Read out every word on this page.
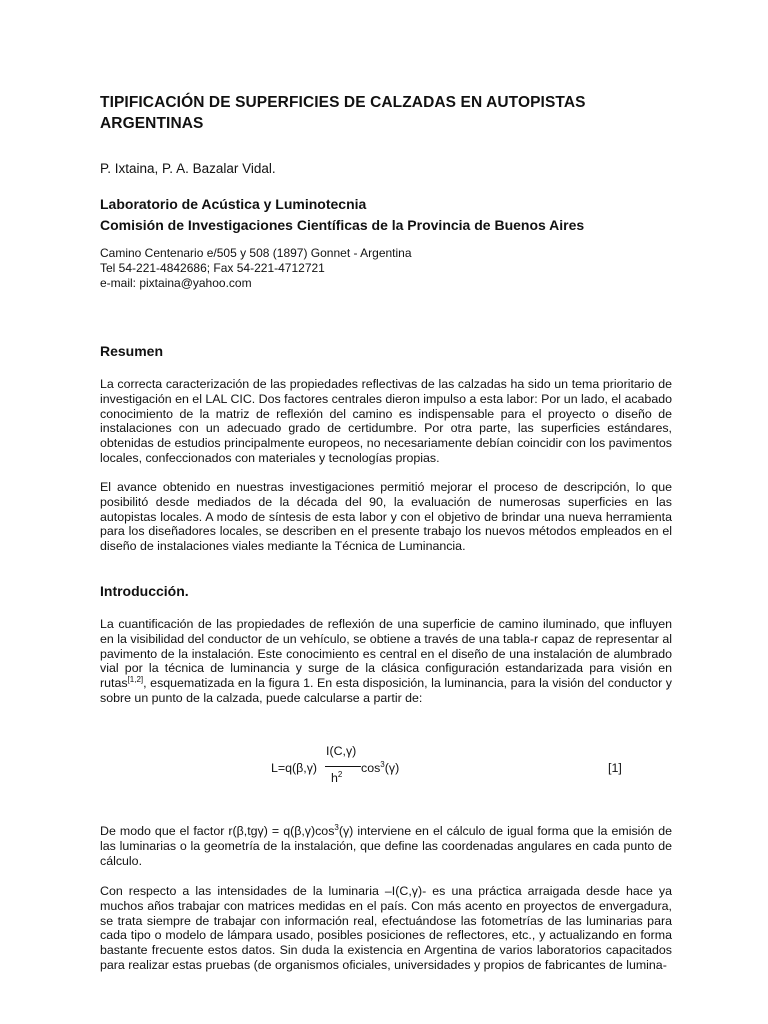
TIPIFICACIÓN DE SUPERFICIES DE CALZADAS EN AUTOPISTAS
ARGENTINAS
P. Ixtaina, P. A. Bazalar Vidal.
Laboratorio de Acústica y Luminotecnia
Comisión de Investigaciones Científicas de la Provincia de Buenos Aires
Camino Centenario e/505 y 508 (1897) Gonnet - Argentina
Tel 54-221-4842686; Fax 54-221-4712721
e-mail: pixtaina@yahoo.com
Resumen

La correcta caracterización de las propiedades reflectivas de las calzadas ha sido un tema prioritario de investigación en el LAL CIC. Dos factores centrales dieron impulso a esta labor: Por un lado, el acabado conocimiento de la matriz de reflexión del camino es indispensable para el proyecto o diseño de instalaciones con un adecuado grado de certidumbre. Por otra parte, las superficies estándares, obtenidas de estudios principalmente europeos, no necesariamente debían coincidir con los pavimentos locales, confeccionados con materiales y tecnologías propias.

El avance obtenido en nuestras investigaciones permitió mejorar el proceso de descripción, lo que posibilitó desde mediados de la década del 90, la evaluación de numerosas superficies en las autopistas locales. A modo de síntesis de esta labor y con el objetivo de brindar una nueva herramienta para los diseñadores locales, se describen en el presente trabajo los nuevos métodos empleados en el diseño de instalaciones viales mediante la Técnica de Luminancia.

Introducción.

La cuantificación de las propiedades de reflexión de una superficie de camino iluminado, que influyen en la visibilidad del conductor de un vehículo, se obtiene a través de una tabla-r capaz de representar al pavimento de la instalación. Este conocimiento es central en el diseño de una instalación de alumbrado vial por la técnica de luminancia y surge de la clásica configuración estandarizada para visión en rutas[1,2], esquematizada en la figura 1. En esta disposición, la luminancia, para la visión del conductor y sobre un punto de la calzada, puede calcularse a partir de:

I(C,γ)
L=q(β,γ)	$\cos^3(\gamma)$
$h^2$	[1]

De modo que el factor $r(\beta,tg\gamma) = q(\beta,\gamma)\cos^3(\gamma)$ interviene en el cálculo de igual forma que la emisión de las luminarias o la geometría de la instalación, que define las coordenadas angulares en cada punto de cálculo.

Con respecto a las intensidades de la luminaria –I(C,γ)- es una práctica arraigada desde hace ya muchos años trabajar con matrices medidas en el país. Con más acento en proyectos de envergadura, se trata siempre de trabajar con información real, efectuándose las fotometrías de las luminarias para cada tipo o modelo de lámpara usado, posibles posiciones de reflectores, etc., y actualizando en forma bastante frecuente estos datos. Sin duda la existencia en Argentina de varios laboratorios capacitados para realizar estas pruebas (de organismos oficiales, universidades y propios de fabricantes de lumina-
